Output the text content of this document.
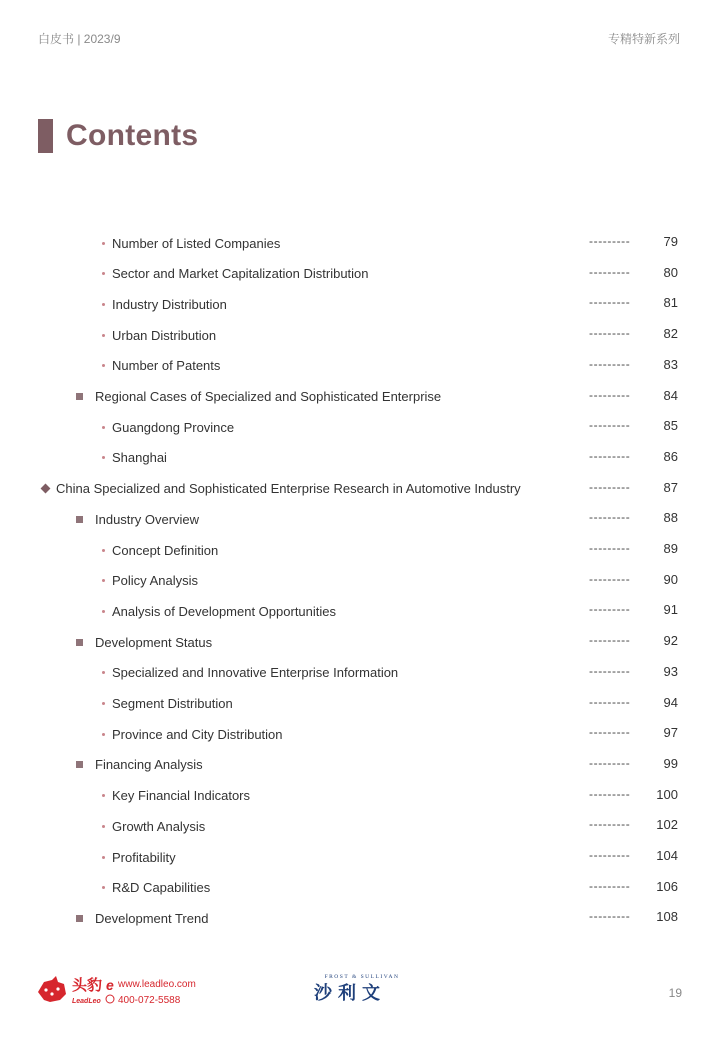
白皮书 | 2023/9	专精特新系列
Contents
Number of Listed Companies	---------	79
Sector and Market Capitalization Distribution	---------	80
Industry Distribution	---------	81
Urban Distribution	---------	82
Number of Patents	---------	83
Regional Cases of Specialized and Sophisticated Enterprise	---------	84
Guangdong Province	---------	85
Shanghai	---------	86
China Specialized and Sophisticated Enterprise Research in Automotive Industry	---------	87
Industry Overview	---------	88
Concept Definition	---------	89
Policy Analysis	---------	90
Analysis of Development Opportunities	---------	91
Development Status	---------	92
Specialized and Innovative Enterprise Information	---------	93
Segment Distribution	---------	94
Province and City Distribution	---------	97
Financing Analysis	---------	99
Key Financial Indicators	--------- 100
Growth Analysis	--------- 102
Profitability	--------- 104
R&D Capabilities	--------- 106
Development Trend	--------- 108
头豹
LeadLeo
e www.leadleo.com
400-072-5588
FROST & SULLIVAN
沙利文	19
